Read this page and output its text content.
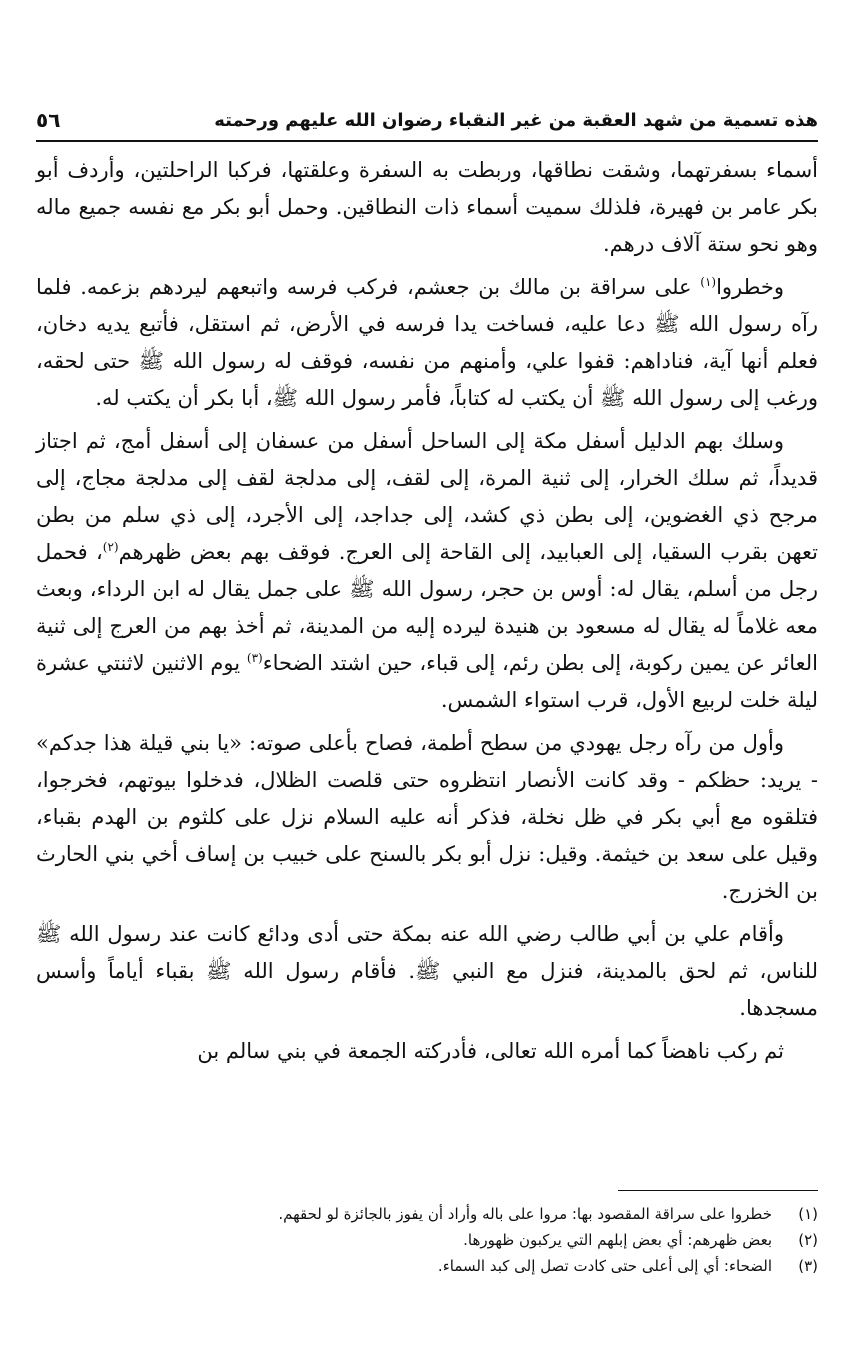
هذه تسمية من شهد العقبة من غير النقباء رضوان الله عليهم ورحمته
٥٦

أسماء بسفرتهما، وشقت نطاقها، وربطت به السفرة وعلقتها، فركبا الراحلتين، وأردف أبو بكر عامر بن فهيرة، فلذلك سميت أسماء ذات النطاقين. وحمل أبو بكر مع نفسه جميع ماله وهو نحو ستة آلاف درهم.

وخطروا$^{(١)}$ على سراقة بن مالك بن جعشم، فركب فرسه واتبعهم ليردهم بزعمه. فلما رآه رسول الله ﷺ دعا عليه، فساخت يدا فرسه في الأرض، ثم استقل، فأتبع يديه دخان، فعلم أنها آية، فناداهم: قفوا علي، وأمنهم من نفسه، فوقف له رسول الله ﷺ حتى لحقه، ورغب إلى رسول الله ﷺ أن يكتب له كتاباً، فأمر رسول الله ﷺ، أبا بكر أن يكتب له.

وسلك بهم الدليل أسفل مكة إلى الساحل أسفل من عسفان إلى أسفل أمج، ثم اجتاز قديداً، ثم سلك الخرار، إلى ثنية المرة، إلى لقف، إلى مدلجة لقف إلى مدلجة مجاج، إلى مرجح ذي الغضوين، إلى بطن ذي كشد، إلى جداجد، إلى الأجرد، إلى ذي سلم من بطن تعهن بقرب السقيا، إلى العبابيد، إلى القاحة إلى العرج. فوقف بهم بعض ظهرهم$^{(٢)}$، فحمل رجل من أسلم، يقال له: أوس بن حجر، رسول الله ﷺ على جمل يقال له ابن الرداء، وبعث معه غلاماً له يقال له مسعود بن هنيدة ليرده إليه من المدينة، ثم أخذ بهم من العرج إلى ثنية العائر عن يمين ركوبة، إلى بطن رئم، إلى قباء، حين اشتد الضحاء$^{(٣)}$ يوم الاثنين لاثنتي عشرة ليلة خلت لربيع الأول، قرب استواء الشمس.

وأول من رآه رجل يهودي من سطح أطمة، فصاح بأعلى صوته: «يا بني قيلة هذا جدكم» - يريد: حظكم - وقد كانت الأنصار انتظروه حتى قلصت الظلال، فدخلوا بيوتهم، فخرجوا، فتلقوه مع أبي بكر في ظل نخلة، فذكر أنه عليه السلام نزل على كلثوم بن الهدم بقباء، وقيل على سعد بن خيثمة. وقيل: نزل أبو بكر بالسنح على خبيب بن إساف أخي بني الحارث بن الخزرج.

وأقام علي بن أبي طالب رضي الله عنه بمكة حتى أدى ودائع كانت عند رسول الله ﷺ للناس، ثم لحق بالمدينة، فنزل مع النبي ﷺ. فأقام رسول الله ﷺ بقباء أياماً وأسس مسجدها.

ثم ركب ناهضاً كما أمره الله تعالى، فأدركته الجمعة في بني سالم بن

(١)
خطروا على سراقة المقصود بها: مروا على باله وأراد أن يفوز بالجائزة لو لحقهم.
(٢)
بعض ظهرهم: أي بعض إبلهم التي يركبون ظهورها.
(٣)
الضحاء: أي إلى أعلى حتى كادت تصل إلى كبد السماء.
